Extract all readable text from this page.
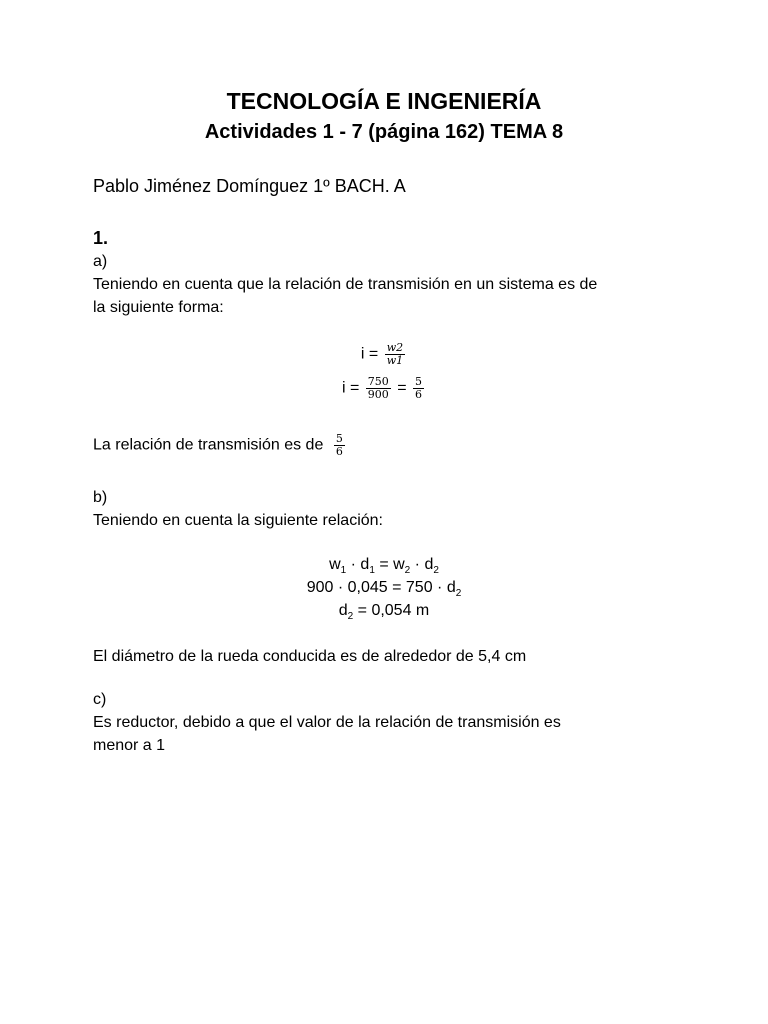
TECNOLOGÍA E INGENIERÍA
Actividades 1 - 7 (página 162) TEMA 8
Pablo Jiménez Domínguez 1º BACH. A
1.
a)
Teniendo en cuenta que la relación de transmisión en un sistema es de
la siguiente forma:
$i = \frac{w2}{w1}$
$i = \frac{750}{900} = \frac{5}{6}$
La relación de transmisión es de $\frac{5}{6}$
b)
Teniendo en cuenta la siguiente relación:
$w_1 \cdot d_1 = w_2 \cdot d_2$
$900 \cdot 0,045 = 750 \cdot d_2$
$d_2 = 0,054$ m
El diámetro de la rueda conducida es de alrededor de 5,4 cm
c)
Es reductor, debido a que el valor de la relación de transmisión es
menor a 1
